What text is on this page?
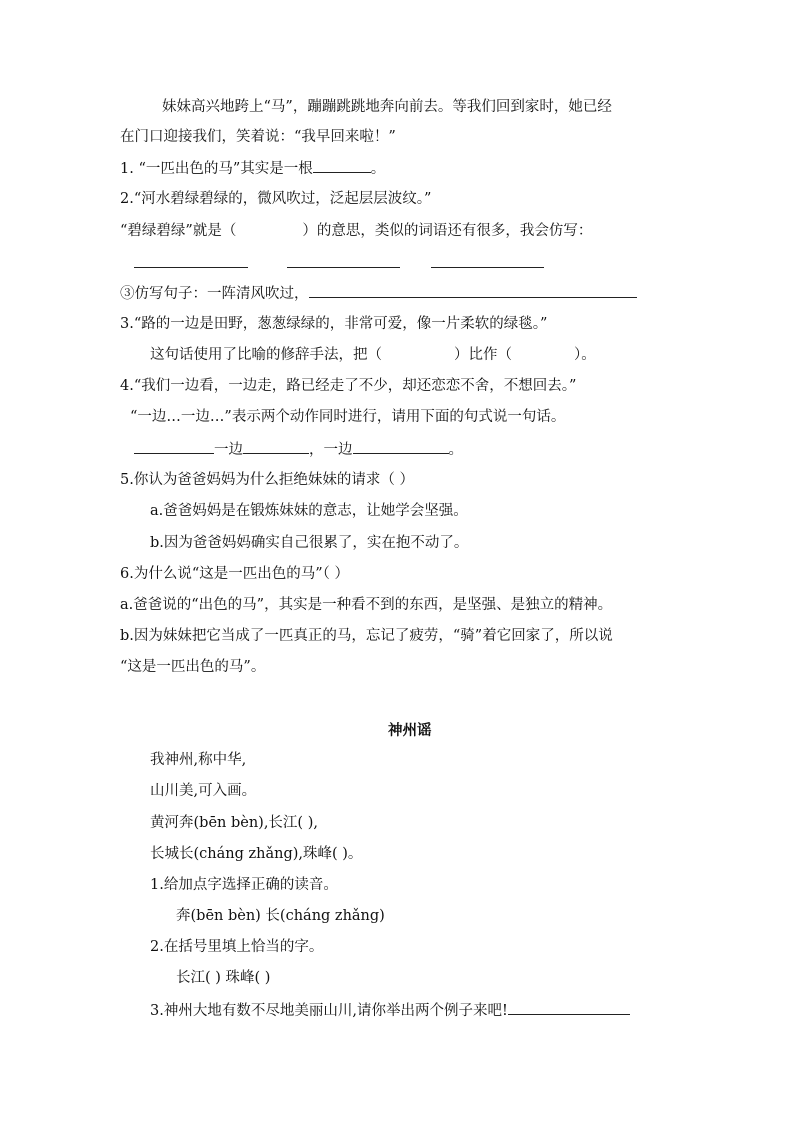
妹妹高兴地跨上“马”，蹦蹦跳跳地奔向前去。等我们回到家时，她已经
在门口迎接我们，笑着说：“我早回来啦！”
1. “一匹出色的马”其实是一根	。
2.“河水碧绿碧绿的，微风吹过，泛起层层波纹。”
“碧绿碧绿”就是（	）的意思，类似的词语还有很多，我会仿写：
③仿写句子：一阵清风吹过，
3.“路的一边是田野，葱葱绿绿的，非常可爱，像一片柔软的绿毯。”
这句话使用了比喻的修辞手法，把（	）比作（	）。
4.“我们一边看，一边走，路已经走了不少，却还恋恋不舍，不想回去。”
“一边…一边…”表示两个动作同时进行，请用下面的句式说一句话。
一边	，一边	。
5.你认为爸爸妈妈为什么拒绝妹妹的请求（ ）
a.爸爸妈妈是在锻炼妹妹的意志，让她学会坚强。
b.因为爸爸妈妈确实自己很累了，实在抱不动了。
6.为什么说“这是一匹出色的马”（ ）
a.爸爸说的“出色的马”，其实是一种看不到的东西，是坚强、是独立的精神。
b.因为妹妹把它当成了一匹真正的马，忘记了疲劳，“骑”着它回家了，所以说
“这是一匹出色的马”。
神州谣
我神州,称中华,
山川美,可入画。
黄河奔(bēn bèn),长江( ),
长城长(cháng zhǎng),珠峰( )。
1.给加点字选择正确的读音。
奔(bēn bèn) 长(cháng zhǎng)
2.在括号里填上恰当的字。
长江( ) 珠峰( )
3.神州大地有数不尽地美丽山川,请你举出两个例子来吧!
